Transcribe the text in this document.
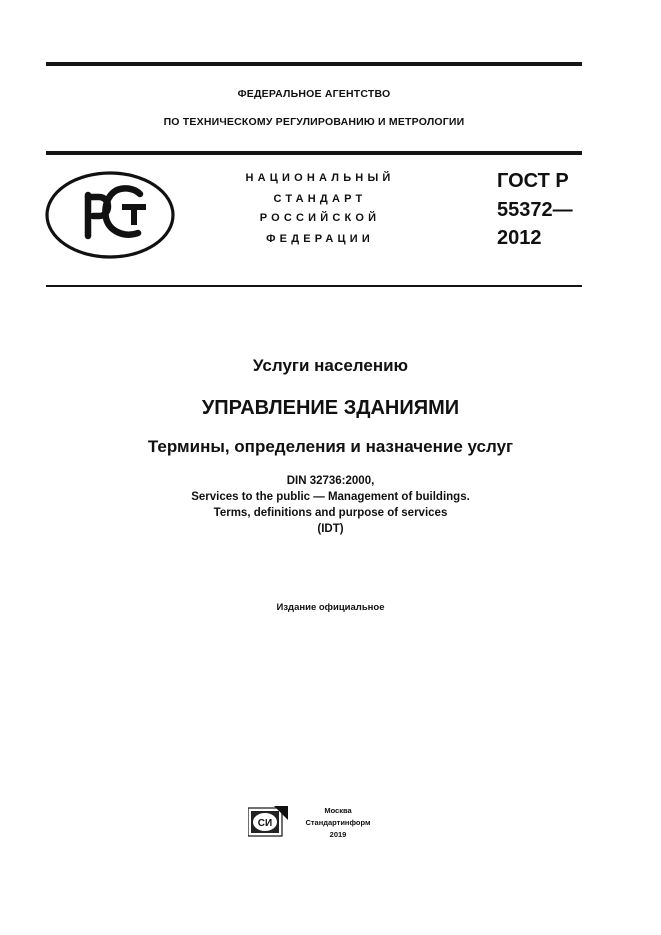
ФЕДЕРАЛЬНОЕ АГЕНТСТВО
ПО ТЕХНИЧЕСКОМУ РЕГУЛИРОВАНИЮ И МЕТРОЛОГИИ
НАЦИОНАЛЬНЫЙ
СТАНДАРТ
РОССИЙСКОЙ
ФЕДЕРАЦИИ
ГОСТ Р
55372—
2012
Услуги населению
УПРАВЛЕНИЕ ЗДАНИЯМИ
Термины, определения и назначение услуг
DIN 32736:2000,
Services to the public — Management of buildings.
Terms, definitions and purpose of services
(IDT)
Издание официальное
СИ
Москва
Стандартинформ
2019
